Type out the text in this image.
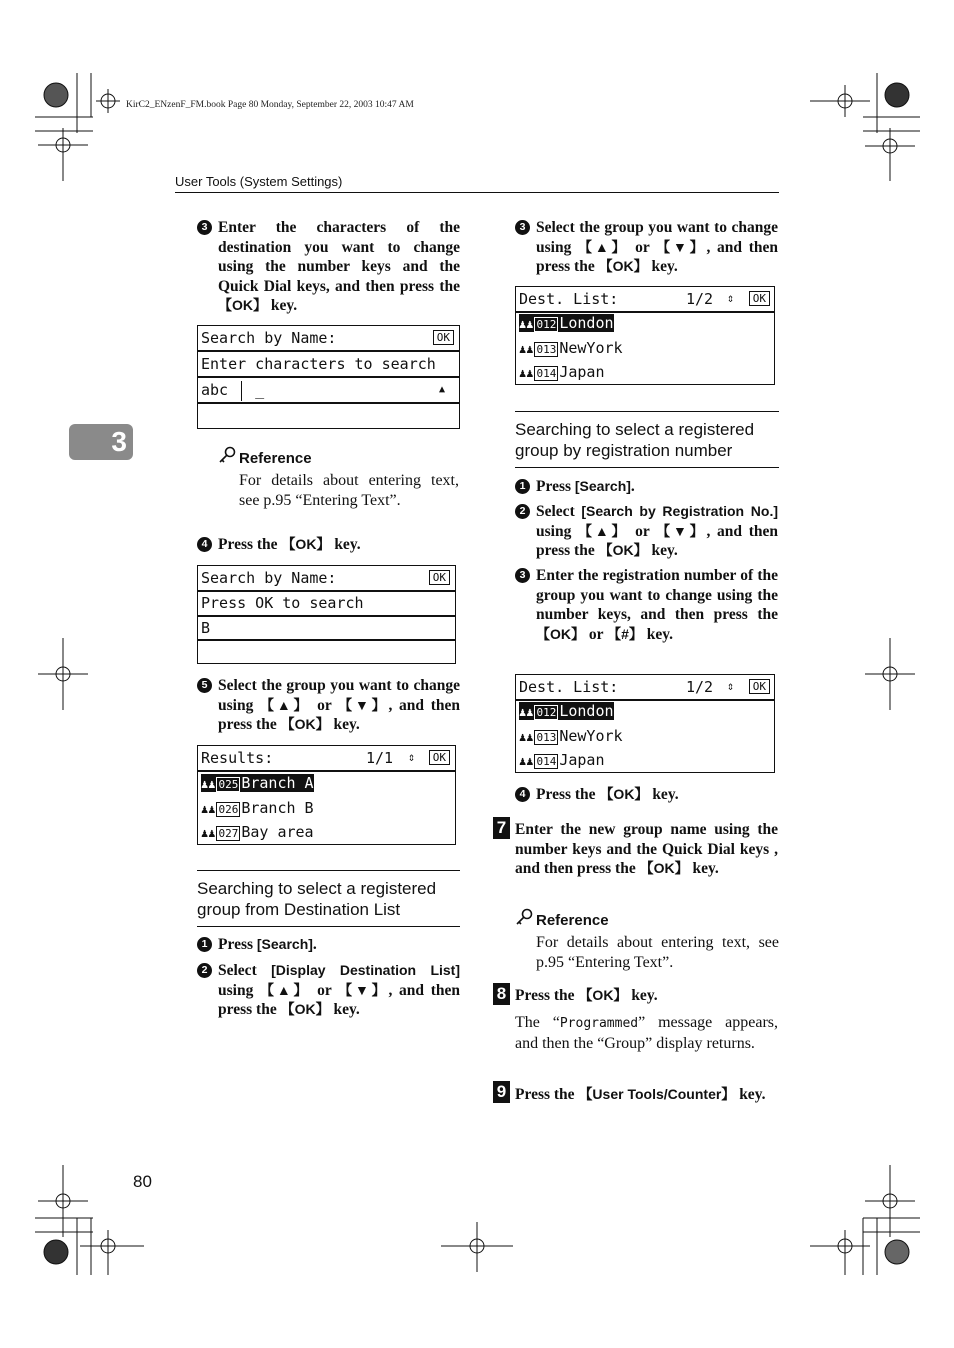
KirC2_ENzenF_FM.book Page 80 Monday, September 22, 2003 10:47 AM
User Tools (System Settings)
3
80
3 Enter the characters of the destination you want to change using the number keys and the Quick Dial keys, and then press the 【OK】 key.
Search by Name:	OK
Enter characters to search
abc _	▲
Reference
For details about entering text, see p.95 “Entering Text”.
4 Press the 【OK】 key.
Search by Name:	OK
Press OK to search
B
5 Select the group you want to change using 【▲】 or 【▼】, and then press the 【OK】 key.
Results:	1/1 ⇕	OK
♟♟ 025 Branch A
♟♟ 026 Branch B
♟♟ 027 Bay area
Searching to select a registered group from Destination List
1 Press [Search].
2 Select [Display Destination List] using 【▲】 or 【▼】, and then press the 【OK】 key.
3 Select the group you want to change using 【▲】 or 【▼】, and then press the 【OK】 key.
Dest. List:	1/2 ⇕	OK
♟♟ 012 London
♟♟ 013 NewYork
♟♟ 014 Japan
Searching to select a registered group by registration number
1 Press [Search].
2 Select [Search by Registration No.] using 【▲】 or 【▼】, and then press the 【OK】 key.
3 Enter the registration number of the group you want to change using the number keys, and then press the 【OK】 or 【#】 key.
Dest. List:	1/2 ⇕	OK
♟♟ 012 London
♟♟ 013 NewYork
♟♟ 014 Japan
4 Press the 【OK】 key.
7 Enter the new group name using the number keys and the Quick Dial keys , and then press the 【OK】 key.
Reference
For details about entering text, see p.95 “Entering Text”.
8 Press the 【OK】 key.
The “Programmed” message appears, and then the “Group” display returns.
9 Press the 【User Tools/Counter】 key.
